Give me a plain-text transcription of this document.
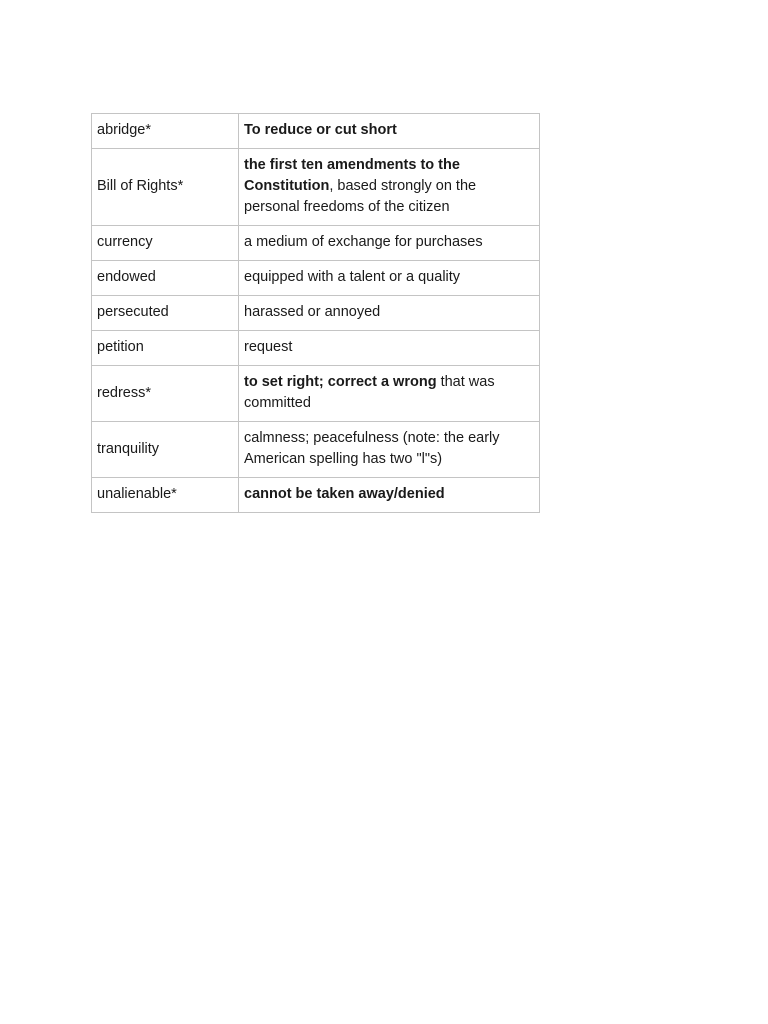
abridge*	To reduce or cut short
Bill of Rights*	the first ten amendments to the Constitution, based strongly on the personal freedoms of the citizen
currency	a medium of exchange for purchases
endowed	equipped with a talent or a quality
persecuted	harassed or annoyed
petition	request
redress*	to set right; correct a wrong that was committed
tranquility	calmness; peacefulness (note: the early American spelling has two "l"s)
unalienable*	cannot be taken away/denied
